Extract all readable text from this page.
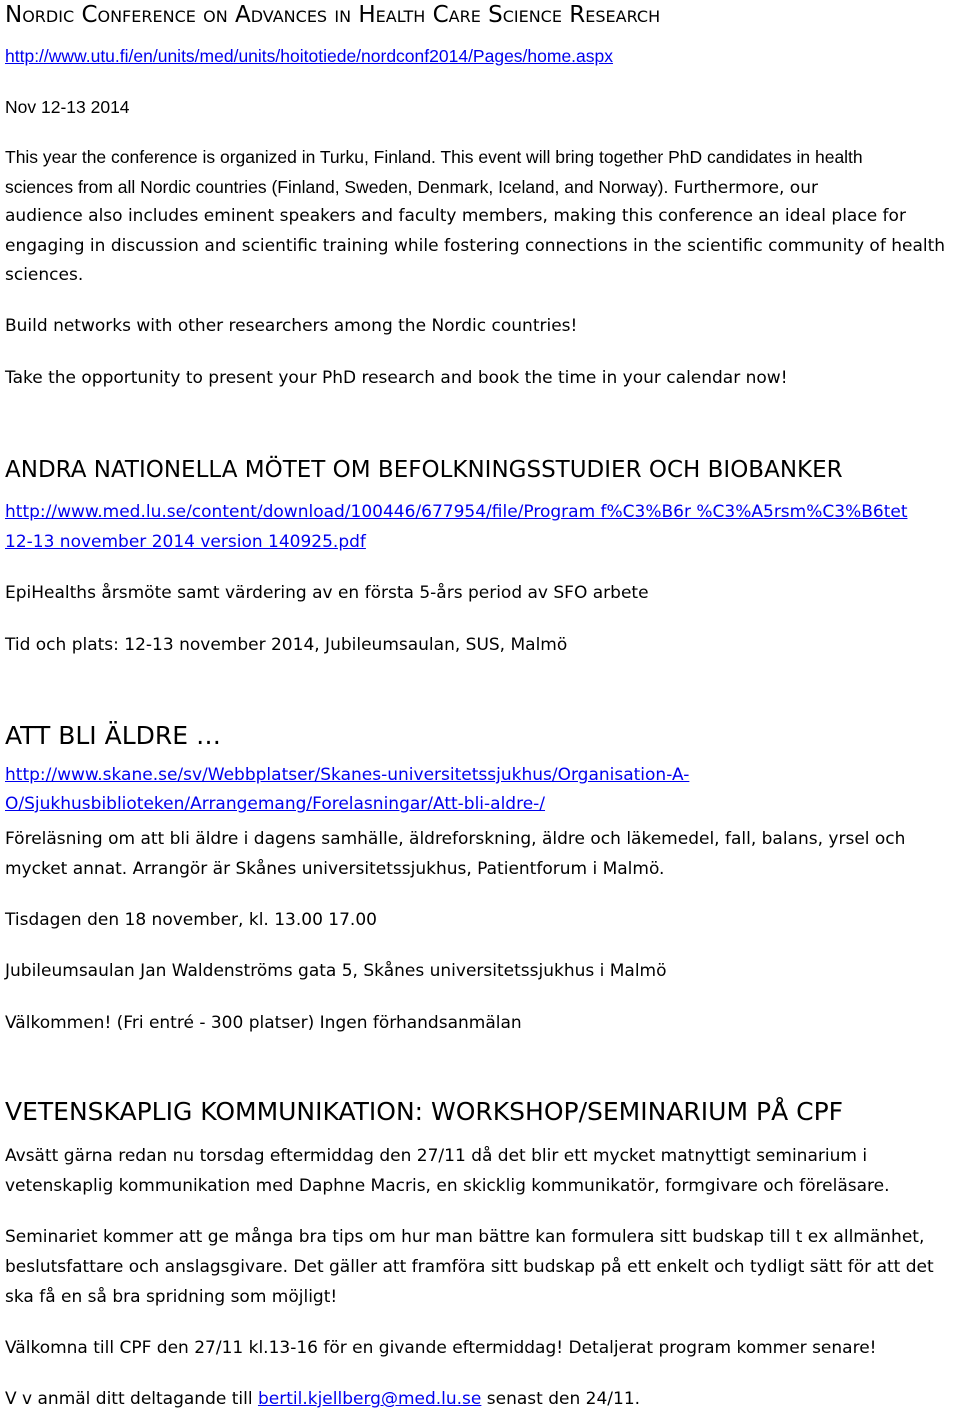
Nordic Conference on Advances in Health Care Science Research
http://www.utu.fi/en/units/med/units/hoitotiede/nordconf2014/Pages/home.aspx
Nov 12-13 2014
This year the conference is organized in Turku, Finland. This event will bring together PhD candidates in health
sciences from all Nordic countries (Finland, Sweden, Denmark, Iceland, and Norway). Furthermore, our
audience also includes eminent speakers and faculty members, making this conference an ideal place for
engaging in discussion and scientific training while fostering connections in the scientific community of health
sciences.
Build networks with other researchers among the Nordic countries!
Take the opportunity to present your PhD research and book the time in your calendar now!
ANDRA NATIONELLA MÖTET OM BEFOLKNINGSSTUDIER OCH BIOBANKER
http://www.med.lu.se/content/download/100446/677954/file/Program f%C3%B6r %C3%A5rsm%C3%B6tet
12-13 november 2014 version 140925.pdf
EpiHealths årsmöte samt värdering av en första 5-års period av SFO arbete
Tid och plats: 12-13 november 2014, Jubileumsaulan, SUS, Malmö
ATT BLI ÄLDRE …
http://www.skane.se/sv/Webbplatser/Skanes-universitetssjukhus/Organisation-A-
O/Sjukhusbiblioteken/Arrangemang/Forelasningar/Att-bli-aldre-/
Föreläsning om att bli äldre i dagens samhälle, äldreforskning, äldre och läkemedel, fall, balans, yrsel och
mycket annat. Arrangör är Skånes universitetssjukhus, Patientforum i Malmö.
Tisdagen den 18 november, kl. 13.00 17.00
Jubileumsaulan Jan Waldenströms gata 5, Skånes universitetssjukhus i Malmö
Välkommen! (Fri entré - 300 platser) Ingen förhandsanmälan
VETENSKAPLIG KOMMUNIKATION: WORKSHOP/SEMINARIUM PÅ CPF
Avsätt gärna redan nu torsdag eftermiddag den 27/11 då det blir ett mycket matnyttigt seminarium i
vetenskaplig kommunikation med Daphne Macris, en skicklig kommunikatör, formgivare och föreläsare.
Seminariet kommer att ge många bra tips om hur man bättre kan formulera sitt budskap till t ex allmänhet,
beslutsfattare och anslagsgivare. Det gäller att framföra sitt budskap på ett enkelt och tydligt sätt för att det
ska få en så bra spridning som möjligt!
Välkomna till CPF den 27/11 kl.13-16 för en givande eftermiddag! Detaljerat program kommer senare!
V v anmäl ditt deltagande till bertil.kjellberg@med.lu.se senast den 24/11.
